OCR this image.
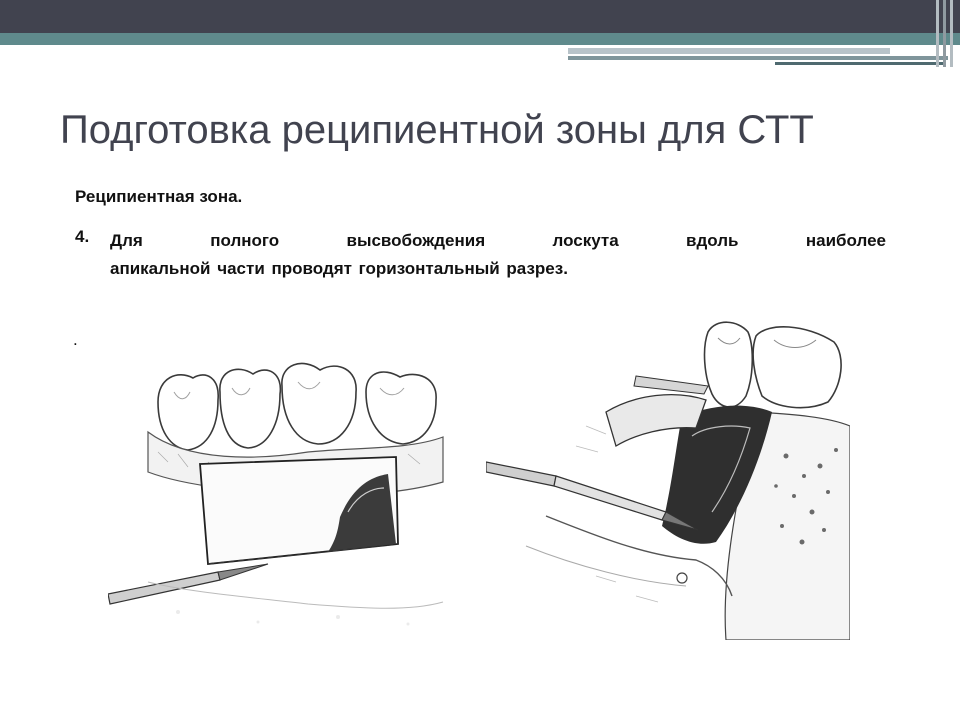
Подготовка реципиентной зоны для СТТ
Реципиентная зона.
4. Для полного высвобождения лоскута вдоль наиболее
апикальной части проводят горизонтальный разрез.
.
